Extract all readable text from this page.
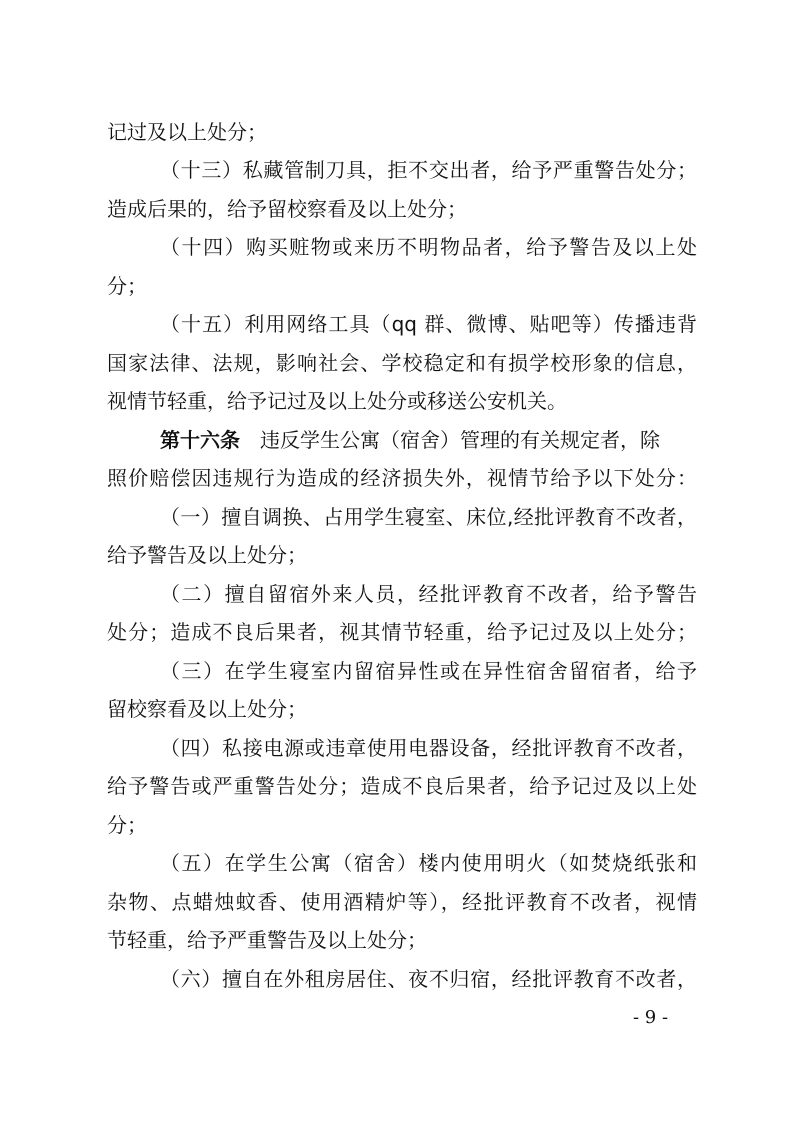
记过及以上处分；
（十三）私藏管制刀具，拒不交出者，给予严重警告处分；
造成后果的，给予留校察看及以上处分；
（十四）购买赃物或来历不明物品者，给予警告及以上处
分；
（十五）利用网络工具（qq 群、微博、贴吧等）传播违背
国家法律、法规，影响社会、学校稳定和有损学校形象的信息，
视情节轻重，给予记过及以上处分或移送公安机关。
第十六条 违反学生公寓（宿舍）管理的有关规定者，除
照价赔偿因违规行为造成的经济损失外，视情节给予以下处分：
（一）擅自调换、占用学生寝室、床位,经批评教育不改者，
给予警告及以上处分；
（二）擅自留宿外来人员，经批评教育不改者，给予警告
处分；造成不良后果者，视其情节轻重，给予记过及以上处分；
（三）在学生寝室内留宿异性或在异性宿舍留宿者，给予
留校察看及以上处分；
（四）私接电源或违章使用电器设备，经批评教育不改者，
给予警告或严重警告处分；造成不良后果者，给予记过及以上处
分；
（五）在学生公寓（宿舍）楼内使用明火（如焚烧纸张和
杂物、点蜡烛蚊香、使用酒精炉等），经批评教育不改者，视情
节轻重，给予严重警告及以上处分；
（六）擅自在外租房居住、夜不归宿，经批评教育不改者，
- 9 -
